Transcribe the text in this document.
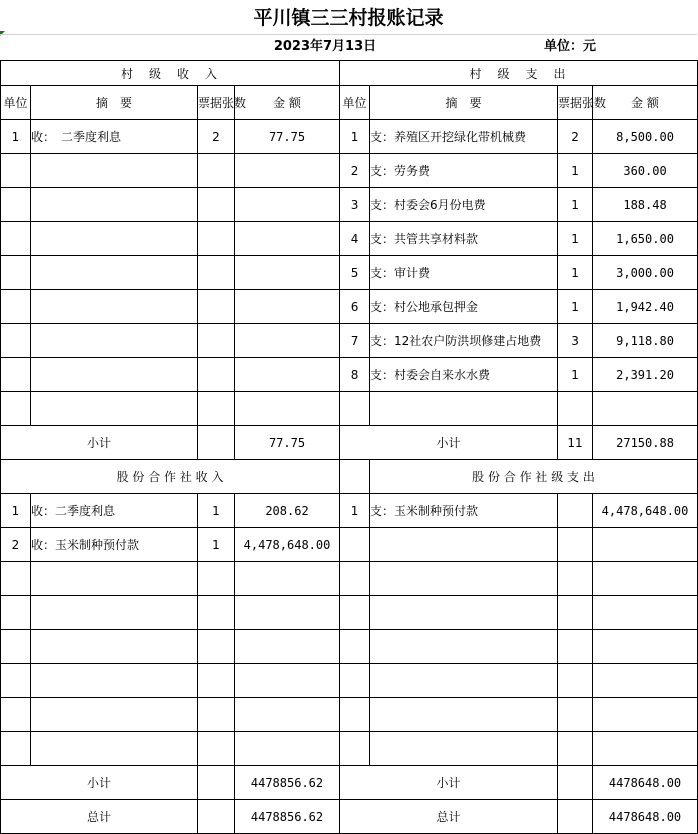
平川镇三三村报账记录
2023年7月13日	单位：元
村　级　收　入				村　级　支　出			
单位	摘　要	票据张数	金 额	单位	摘　要	票据张数	金 额
1	收：　二季度利息	2	77.75	1	支：养殖区开挖绿化带机械费	2	8,500.00
				2	支：劳务费	1	360.00
				3	支：村委会6月份电费	1	188.48
				4	支：共管共享材料款	1	1,650.00
				5	支：审计费	1	3,000.00
				6	支：村公地承包押金	1	1,942.40
				7	支：12社农户防洪坝修建占地费	3	9,118.80
				8	支：村委会自来水水费	1	2,391.20

小计			77.75	小计		11	27150.88
股 份 合 作 社 收 入					股 份 合 作 社 级 支 出		
1	收：二季度利息	1	208.62	1	支：玉米制种预付款		4,478,648.00
2	收：玉米制种预付款	1	4,478,648.00				

小计			4478856.62	小计			4478648.00
总计			4478856.62	总计			4478648.00
